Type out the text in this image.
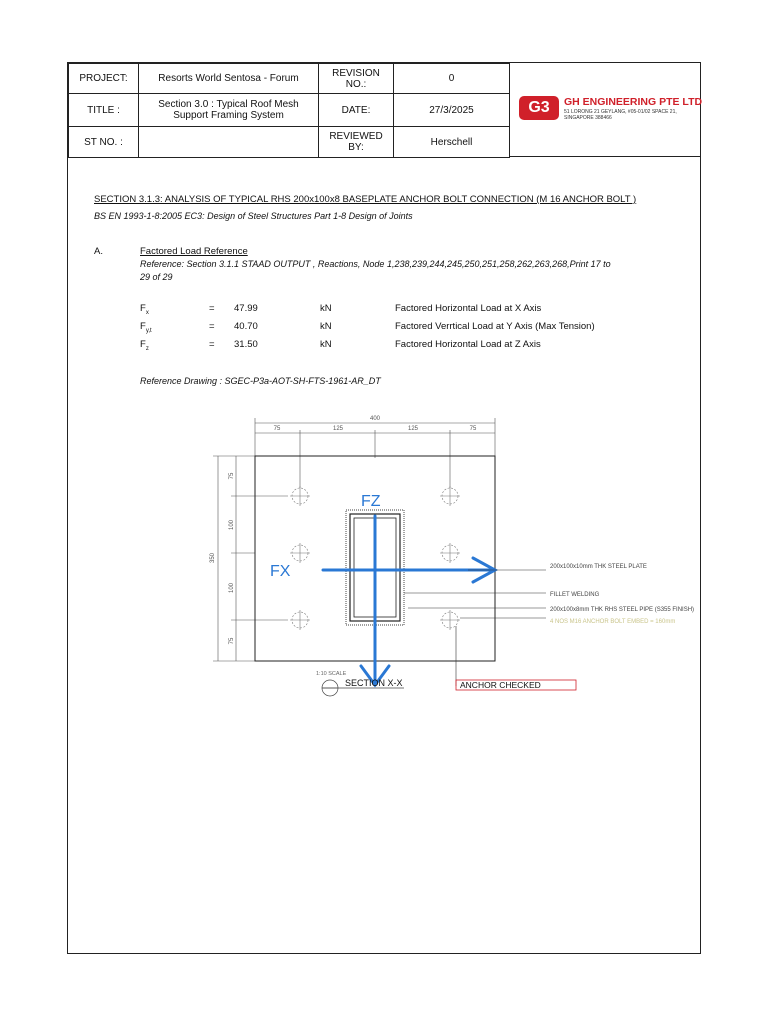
PROJECT:	Resorts World Sentosa - Forum	REVISION NO.:	0
TITLE :	Section 3.0 : Typical Roof Mesh Support Framing System	DATE:	27/3/2025
ST NO. :		REVIEWED BY:	Herschell
G3	GH ENGINEERING PTE LTD
51 LORONG 21 GEYLANG, #05-01/02 SPACE 21,
SINGAPORE 388466
SECTION 3.1.3: ANALYSIS OF TYPICAL RHS 200x100x8 BASEPLATE ANCHOR BOLT CONNECTION (M 16 ANCHOR BOLT )
BS EN 1993-1-8:2005 EC3: Design of Steel Structures Part 1-8 Design of Joints
A.	Factored Load Reference
Reference: Section 3.1.1 STAAD OUTPUT , Reactions, Node 1,238,239,244,245,250,251,258,262,263,268,Print 17 to
29 of 29
$F_x$	= 47.99	kN	Factored Horizontal Load at X Axis
$F_{y,t}$	= 40.70	kN	Factored Verrtical Load at Y Axis (Max Tension)
$F_z$	= 31.50	kN	Factored Horizontal Load at Z Axis
Reference Drawing : SGEC-P3a-AOT-SH-FTS-1961-AR_DT
400
75	125	125	75
350
75
100
100
75
FZ
FX	200x100x10mm THK STEEL PLATE
FILLET WELDING
200x100x8mm THK RHS STEEL PIPE (S355 FINISH)
4 NOS M16 ANCHOR BOLT EMBED = 160mm
ANCHOR CHECKED
SECTION X-X
1:10 SCALE
